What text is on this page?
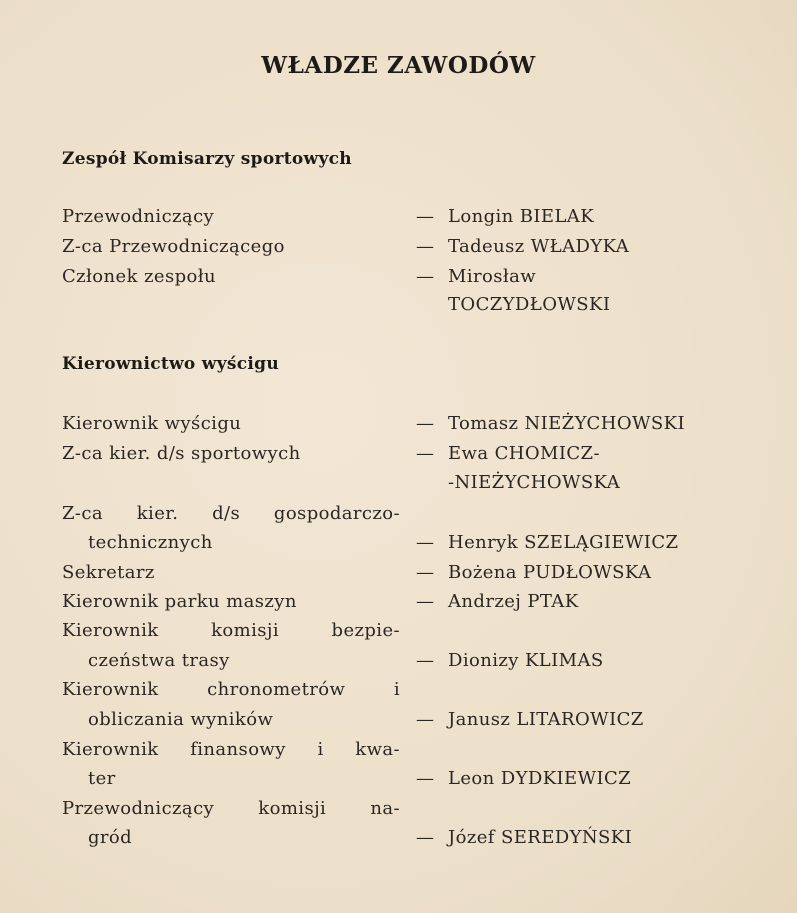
WŁADZE ZAWODÓW
Zespół Komisarzy sportowych
Przewodniczący	— Longin BIELAK
Z-ca Przewodniczącego	— Tadeusz WŁADYKA
Członek zespołu	— Mirosław
TOCZYDŁOWSKI
Kierownictwo wyścigu
Kierownik wyścigu	— Tomasz NIEŻYCHOWSKI
Z-ca kier. d/s sportowych	— Ewa CHOMICZ-
-NIEŻYCHOWSKA
Z-ca kier. d/s gospodarczo-
technicznych	— Henryk SZELĄGIEWICZ
Sekretarz	— Bożena PUDŁOWSKA
Kierownik parku maszyn	— Andrzej PTAK
Kierownik komisji bezpie-
czeństwa trasy	— Dionizy KLIMAS
Kierownik chronometrów i
obliczania wyników	— Janusz LITAROWICZ
Kierownik finansowy i kwa-
ter	— Leon DYDKIEWICZ
Przewodniczący komisji na-
gród	— Józef SEREDYŃSKI
